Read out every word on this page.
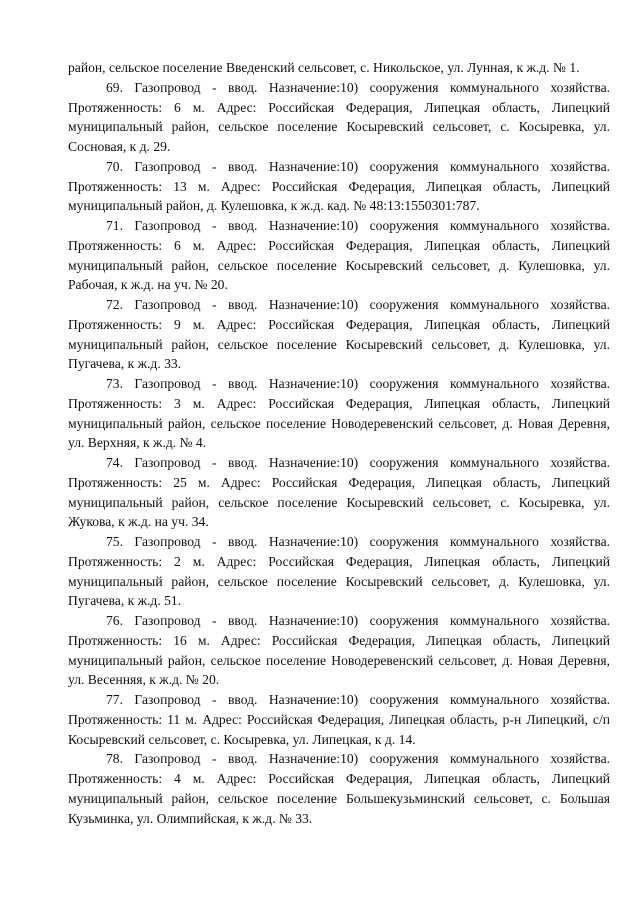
район, сельское поселение Введенский сельсовет, с. Никольское, ул. Лунная, к ж.д. № 1.

69. Газопровод - ввод. Назначение:10) сооружения коммунального хозяйства. Протяженность: 6 м. Адрес: Российская Федерация, Липецкая область, Липецкий муниципальный район, сельское поселение Косыревский сельсовет, с. Косыревка, ул. Сосновая, к д. 29.

70. Газопровод - ввод. Назначение:10) сооружения коммунального хозяйства. Протяженность: 13 м. Адрес: Российская Федерация, Липецкая область, Липецкий муниципальный район, д. Кулешовка, к ж.д. кад. № 48:13:1550301:787.

71. Газопровод - ввод. Назначение:10) сооружения коммунального хозяйства. Протяженность: 6 м. Адрес: Российская Федерация, Липецкая область, Липецкий муниципальный район, сельское поселение Косыревский сельсовет, д. Кулешовка, ул. Рабочая, к ж.д. на уч. № 20.

72. Газопровод - ввод. Назначение:10) сооружения коммунального хозяйства. Протяженность: 9 м. Адрес: Российская Федерация, Липецкая область, Липецкий муниципальный район, сельское поселение Косыревский сельсовет, д. Кулешовка, ул. Пугачева, к ж.д. 33.

73. Газопровод - ввод. Назначение:10) сооружения коммунального хозяйства. Протяженность: 3 м. Адрес: Российская Федерация, Липецкая область, Липецкий муниципальный район, сельское поселение Новодеревенский сельсовет, д. Новая Деревня, ул. Верхняя, к ж.д. № 4.

74. Газопровод - ввод. Назначение:10) сооружения коммунального хозяйства. Протяженность: 25 м. Адрес: Российская Федерация, Липецкая область, Липецкий муниципальный район, сельское поселение Косыревский сельсовет, с. Косыревка, ул. Жукова, к ж.д. на уч. 34.

75. Газопровод - ввод. Назначение:10) сооружения коммунального хозяйства. Протяженность: 2 м. Адрес: Российская Федерация, Липецкая область, Липецкий муниципальный район, сельское поселение Косыревский сельсовет, д. Кулешовка, ул. Пугачева, к ж.д. 51.

76. Газопровод - ввод. Назначение:10) сооружения коммунального хозяйства. Протяженность: 16 м. Адрес: Российская Федерация, Липецкая область, Липецкий муниципальный район, сельское поселение Новодеревенский сельсовет, д. Новая Деревня, ул. Весенняя, к ж.д. № 20.

77. Газопровод - ввод. Назначение:10) сооружения коммунального хозяйства. Протяженность: 11 м. Адрес: Российская Федерация, Липецкая область, р-н Липецкий, с/п Косыревский сельсовет, с. Косыревка, ул. Липецкая, к д. 14.

78. Газопровод - ввод. Назначение:10) сооружения коммунального хозяйства. Протяженность: 4 м. Адрес: Российская Федерация, Липецкая область, Липецкий муниципальный район, сельское поселение Большекузьминский сельсовет, с. Большая Кузьминка, ул. Олимпийская, к ж.д. № 33.
